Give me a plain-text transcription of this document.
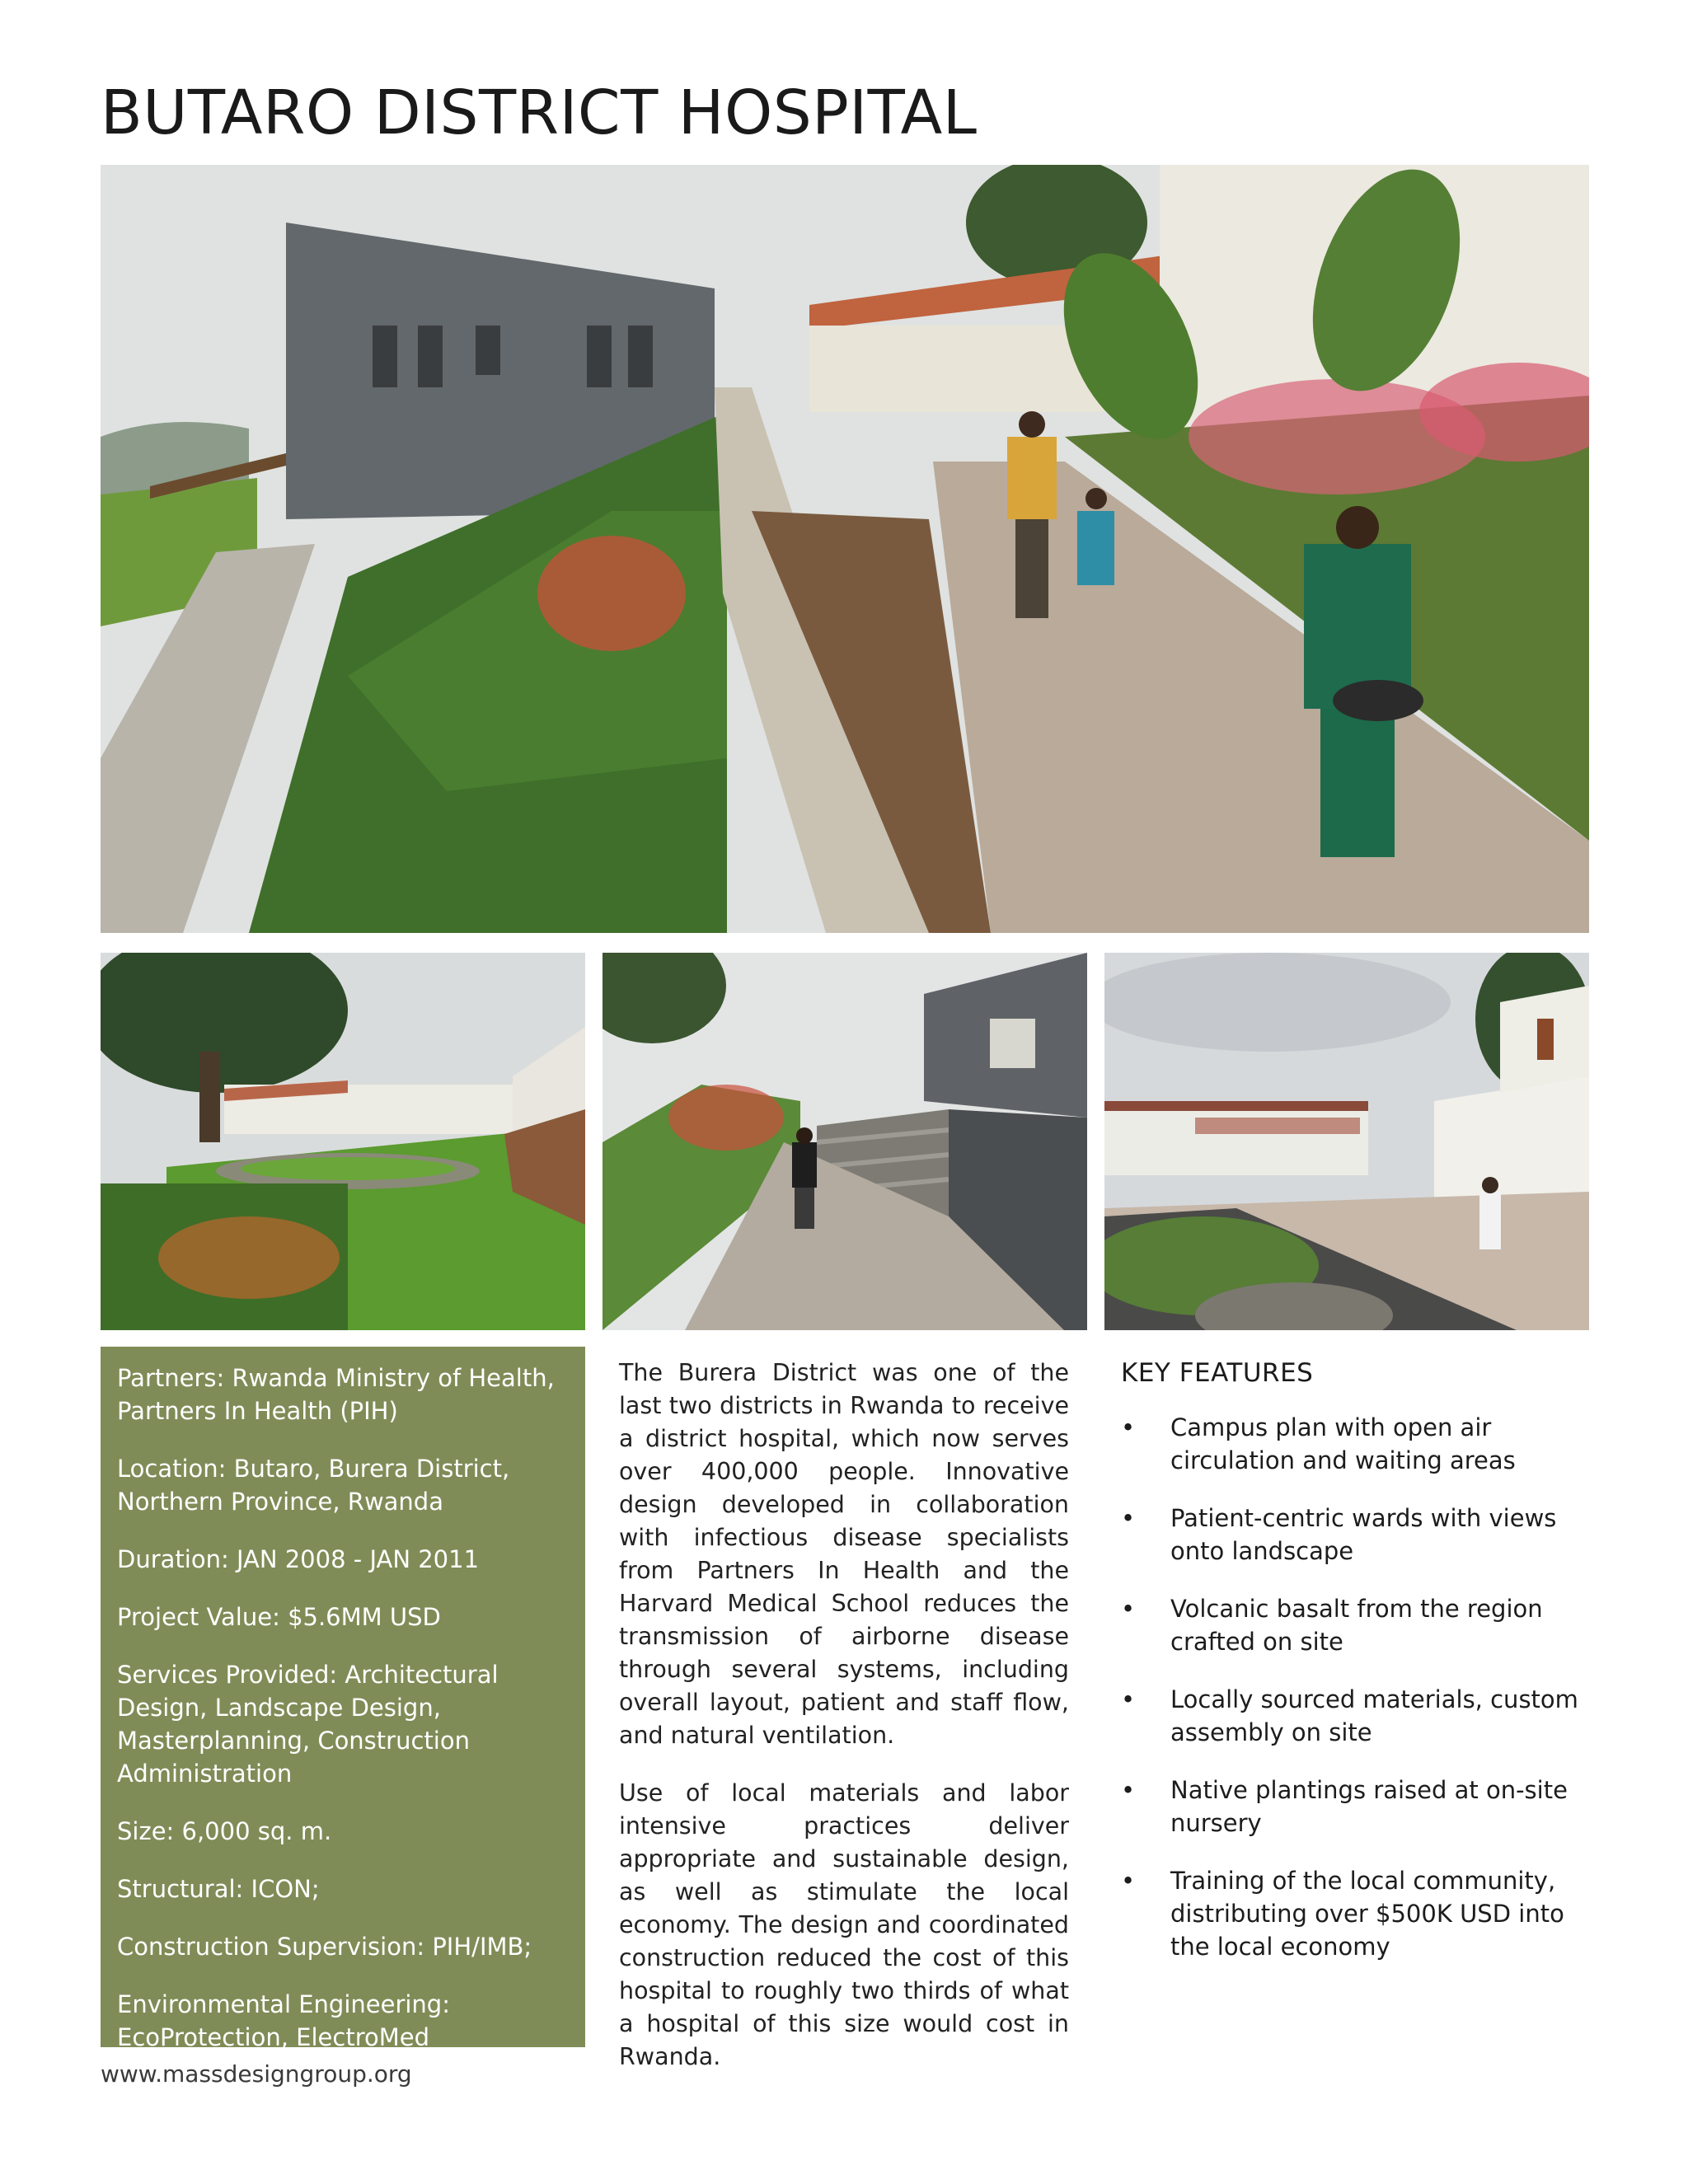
BUTARO DISTRICT HOSPITAL

Partners: Rwanda Ministry of Health, Partners In Health (PIH)

Location: Butaro, Burera District, Northern Province, Rwanda

Duration: JAN 2008 - JAN 2011

Project Value: $5.6MM USD

Services Provided: Architectural Design, Landscape Design, Masterplanning, Construction Administration

Size: 6,000 sq. m.

Structural: ICON;

Construction Supervision: PIH/IMB;

Environmental Engineering: EcoProtection, ElectroMed

The Burera District was one of the last two districts in Rwanda to receive a district hospital, which now serves over 400,000 people. Innovative design developed in collaboration with infectious disease specialists from Partners In Health and the Harvard Medical School reduces the transmission of airborne disease through several systems, including overall layout, patient and staff flow, and natural ventilation.

Use of local materials and labor intensive practices deliver appropriate and sustainable design, as well as stimulate the local economy. The design and coordinated construction reduced the cost of this hospital to roughly two thirds of what a hospital of this size would cost in Rwanda.

KEY FEATURES
• Campus plan with open air circulation and waiting areas
• Patient-centric wards with views onto landscape
• Volcanic basalt from the region crafted on site
• Locally sourced materials, custom assembly on site
• Native plantings raised at on-site nursery
• Training of the local community, distributing over $500K USD into the local economy
www.massdesigngroup.org
